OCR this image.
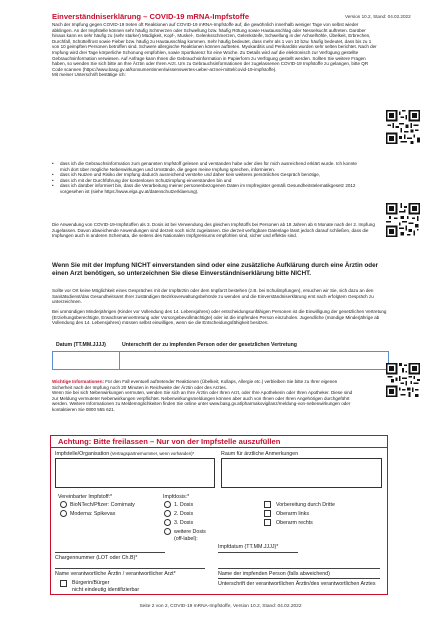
Einverständniserklärung – COVID-19 mRNA-Impfstoffe	Version 10.2, Stand: 04.02.2022

Nach der Impfung gegen COVID-19 treten oft Reaktionen auf COVID-19 mRNA-Impfstoffe auf, die gewöhnlich innerhalb weniger Tage von selbst wieder abklingen. An der Impfstelle können sehr häufig Schmerzen oder Schwellung bzw. häufig Rötung sowie Hautausschlag oder Nesselsucht auftreten. Darüber hinaus kann es sehr häufig zu (sehr starker) Müdigkeit, Kopf-, Muskel-, Gelenksschmerzen, Gelenksteife, Schwellung in der Achselhöhle, Übelkeit, Erbrechen, Durchfall, Schüttelfrost sowie Fieber bzw. häufig zu Hautausschlag kommen. Sehr häufig bedeutet, dass mehr als 1 von 10 bzw. häufig bedeutet, dass bis zu 1 von 10 geimpften Personen betroffen sind. Schwere allergische Reaktionen können auftreten. Myokarditis und Perikarditis wurden sehr selten berichtet. Nach der Impfung wird drei Tage körperliche Schonung empfohlen, sowie Sportkarenz für eine Woche. Zu Details wird auf die elektronisch zur Verfügung gestellte Gebrauchsinformation verwiesen. Auf Anfrage kann Ihnen die Gebrauchsinformation in Papierform zu Verfügung gestellt werden. Sollten Sie weitere Fragen haben, so wenden Sie sich bitte an Ihre Ärztin oder Ihren Arzt. Um zu Gebrauchsinformationen der zugelassenen COVID-19 Impfstoffe zu gelangen, bitte QR Code scannen (https://www.basg.gv.at/konsumentinnen/wissenswertes-ueber-arznei-mittel/covid-19-impfstoffe).

Mit meiner Unterschrift bestätige ich:

• dass ich die Gebrauchsinformation zum genannten Impfstoff gelesen und verstanden habe oder dies für mich ausreichend erklärt wurde. Ich konnte mich dort über mögliche Nebenwirkungen und Umstände, die gegen meine Impfung sprechen, informieren.
• dass ich Nutzen und Risiko der Impfung dadurch ausreichend verstehe und daher kein weiteres persönliches Gespräch benötige,
• dass ich mit der Durchführung der kostenlosen Schutzimpfung einverstanden bin und
• dass ich darüber informiert bin, dass die Verarbeitung meiner personenbezogenen Daten im Impfregister gemäß Gesundheitstelematikgesetz 2012 vorgesehen ist (siehe https://www.elga.gv.at/datenschutzerklaerung).
Die Anwendung von COVID-19-Impfstoffen als 3. Dosis ist bei Verwendung des gleichen Impfstoffs bei Personen ab 18 Jahren ab 6 Monate nach der 2. Impfung zugelassen. Davon abweichende Anwendungen sind derzeit noch nicht zugelassen. Die derzeit verfügbare Datenlage lässt jedoch darauf schließen, dass die Impfungen auch in anderen Schemata, die seitens des Nationalen Impfgremiums empfohlen sind, sicher und effektiv sind.
Wenn Sie mit der Impfung NICHT einverstanden sind oder eine zusätzliche Aufklärung durch eine Ärztin oder einen Arzt benötigen, so unterzeichnen Sie diese Einverständniserklärung bitte NICHT.
Sollte vor Ort keine Möglichkeit eines Gespräches mit der Impfärztin oder dem Impfarzt bestehen (z.B. bei Schulimpfungen), ersuchen wir Sie, sich dazu an den Sanitätsdienst/das Gesundheitsamt Ihrer zuständigen Bezirksverwaltungsbehörde zu wenden und die Einverständniserklärung erst nach erfolgtem Gespräch zu unterzeichnen.
Bei unmündigen Minderjährigen (Kinder vor Vollendung des 14. Lebensjahres) oder entscheidungsunfähigen Personen ist die Einwilligung der gesetzlichen Vertretung (Erziehungsberechtigte, Erwachsenenvertretung oder Vorsorgebevollmächtigte) oder ist die impfenden Person einzuholen. Jugendliche (mündige Minderjährige ab Vollendung des 14. Lebensjahres) müssen selbst einwilligen, wenn sie die Entscheidungsfähigkeit besitzen.
Datum (TT.MM.JJJJ)	Unterschrift der zu impfenden Person oder der gesetzlichen Vertretung
Wichtige Informationen: Für den Fall eventuell auftretender Reaktionen (Übelkeit, Kollaps, Allergie etc.) verbleiben Sie bitte zu Ihrer eigenen Sicherheit nach der Impfung noch 20 Minuten in Reichweite der Ärztin oder des Arztes.
Wenn Sie bei sich Nebenwirkungen vermuten, wenden Sie sich an Ihre Ärztin oder Ihren Arzt, oder Ihre Apothekerin oder Ihren Apotheker. Diese sind zur Meldung vermuteter Nebenwirkungen verpflichtet. Nebenwirkungsmeldungen können aber auch von Ihnen oder Ihren Angehörigen durchgeführt werden. Weitere Informationen zu Meldemöglichkeiten finden Sie online unter www.basg.gv.at/pharmakovigilanz/meldung-von-nebenwirkungen oder kontaktieren Sie 0800 555 621.
Achtung: Bitte freilassen – Nur von der Impfstelle auszufüllen
Impfstelle/Organisation (Vertragspartnernummer, wenn vorhanden)*	Raum für ärztliche Anmerkungen
Vereinbarter Impfstoff:*
BioNTech/Pfizer: Comirnaty
Moderna: Spikevax
Impfdosis:*
1. Dosis
2. Dosis
3. Dosis
weitere Dosis
(off-label):
Vorbereitung durch Dritte
Oberarm links
Oberarm rechts
Chargennummer (LOT oder Ch.B)*
Impfdatum (TT.MM.JJJJ)*
Name verantwortliche Ärztin / verantwortlicher Arzt*	Name der impfenden Person (falls abweichend)
Bürgerin/Bürger
nicht eindeutig identifizierbar
Unterschrift der verantwortlichen Ärztin/des verantwortlichen Arztes
Seite 2 von 2, COVID-19 mRNA-Impfstoffe, Version 10.2, Stand: 04.02.2022
